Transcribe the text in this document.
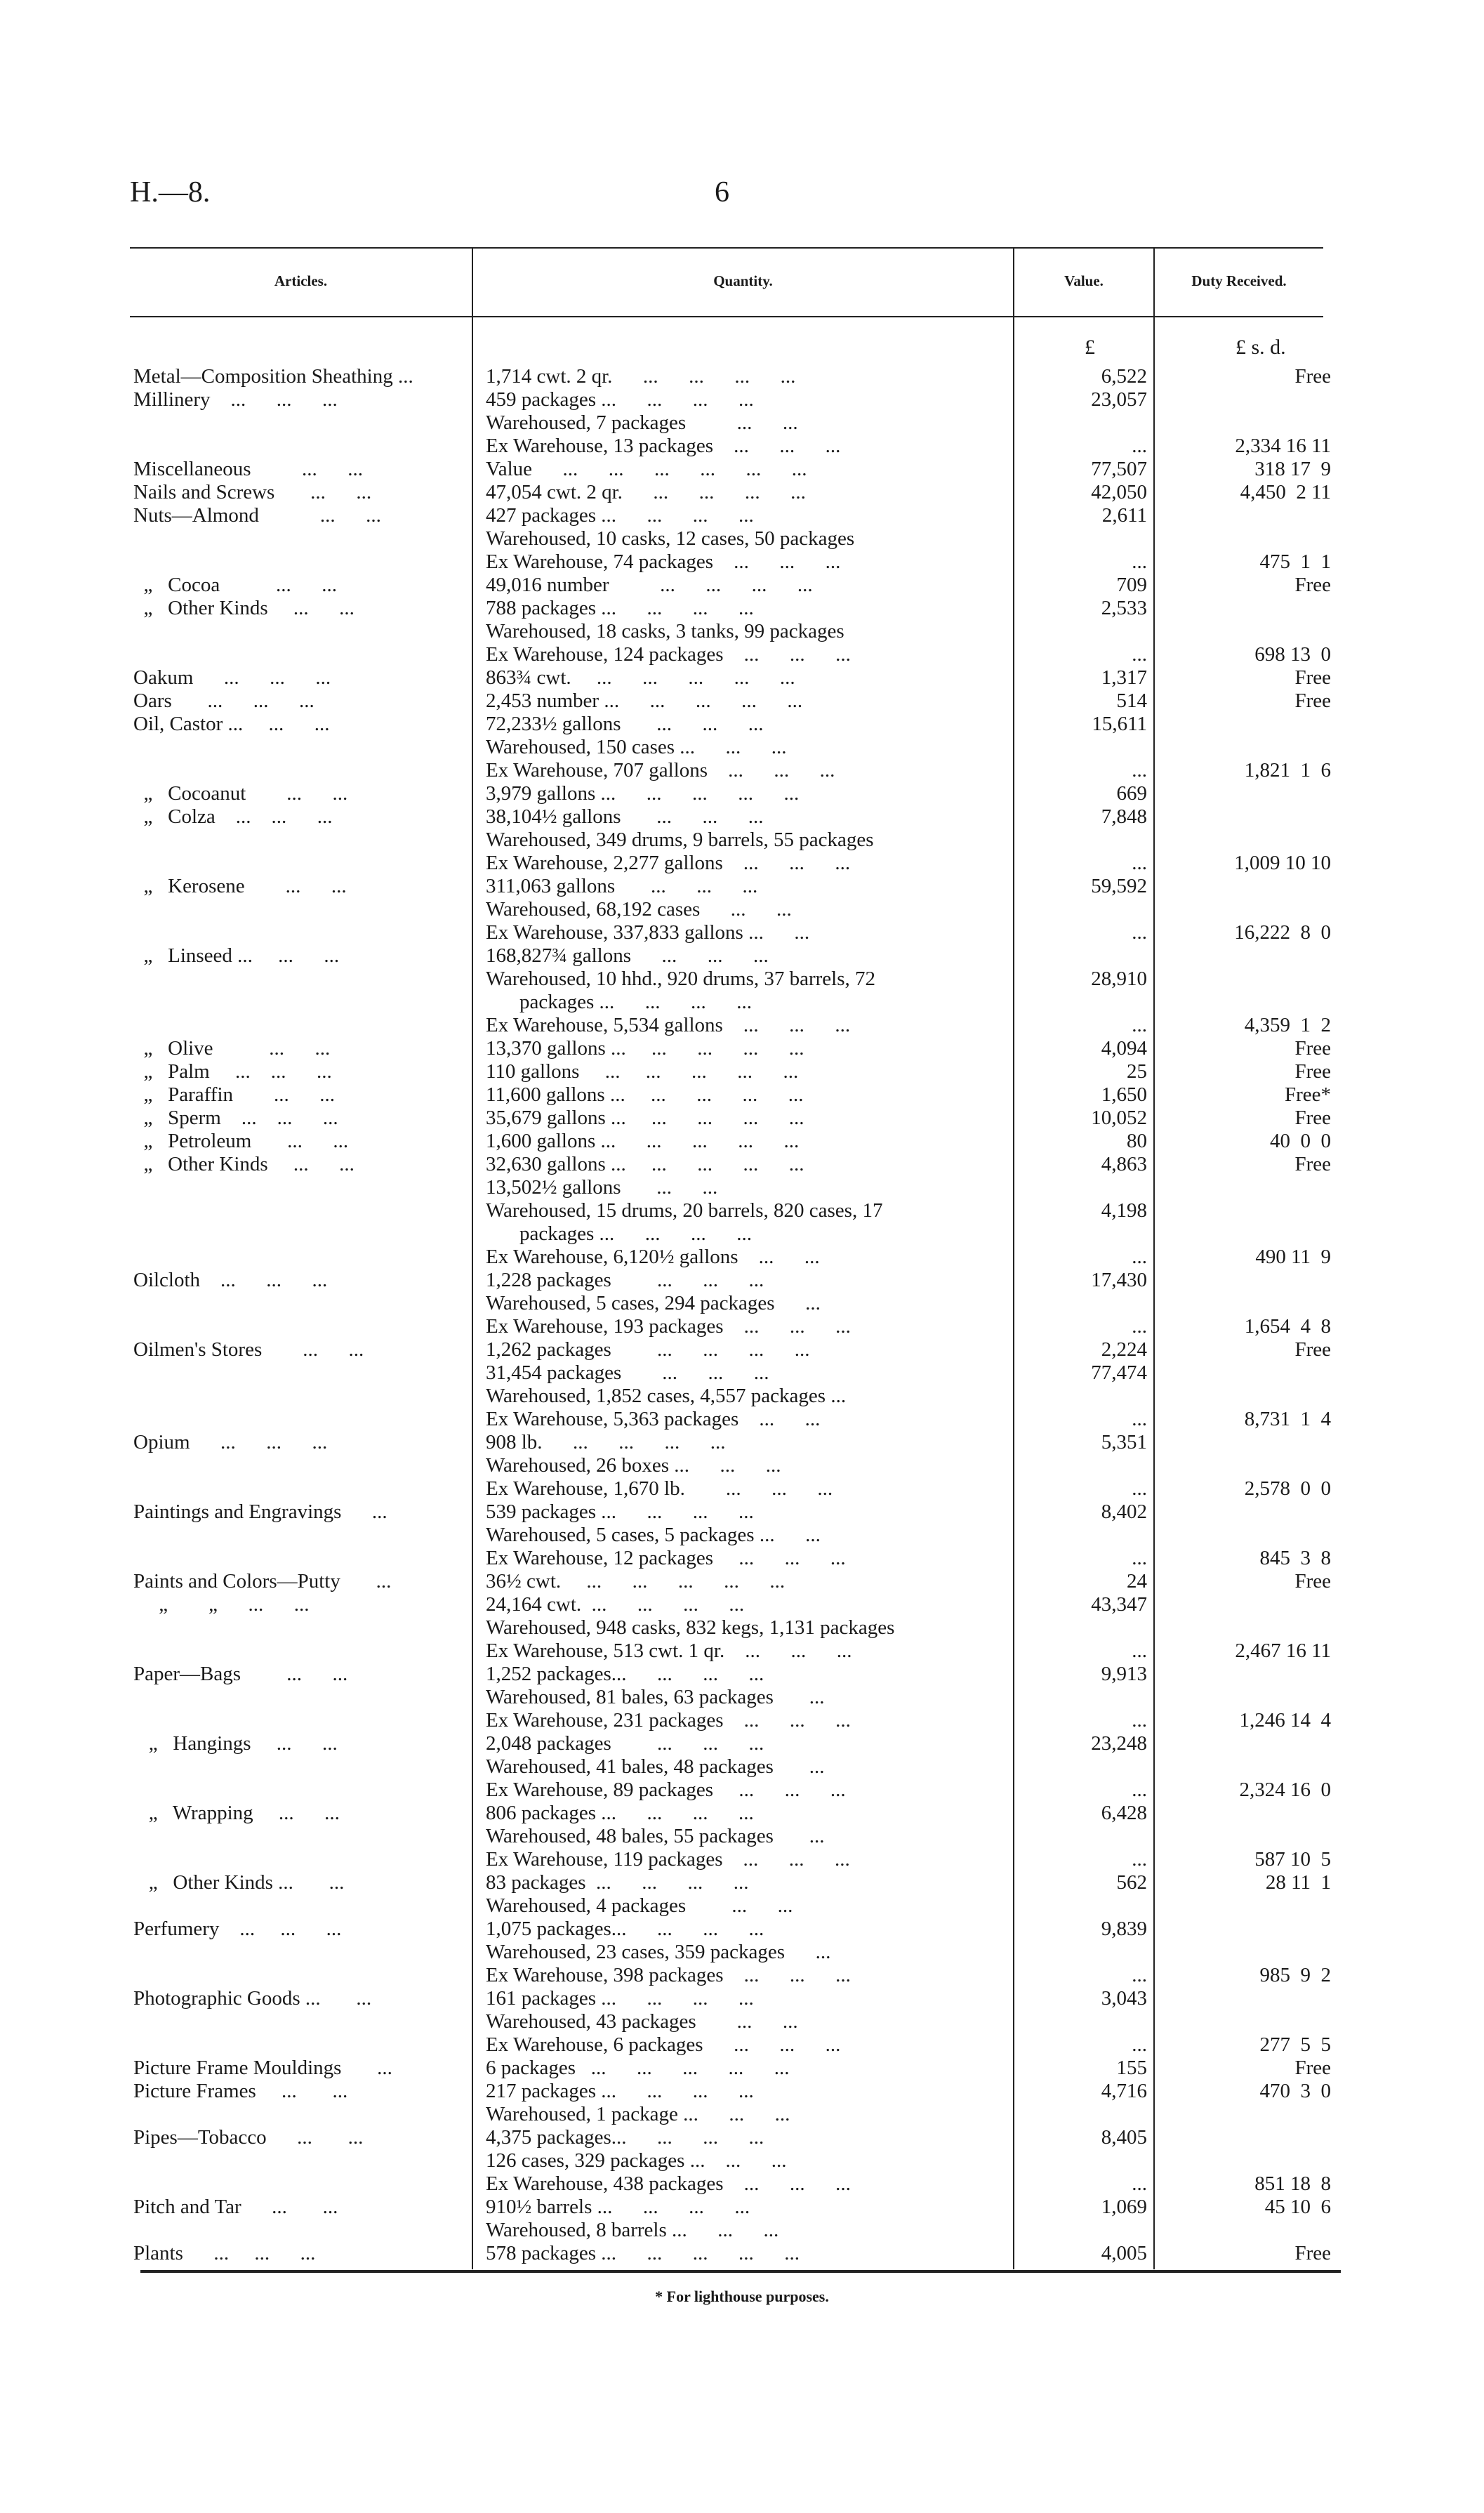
H.—8.	6
Articles.	Quantity.	Value.	Duty Received.
£	£ s. d.
Metal—Composition Sheathing ...	1,714 cwt. 2 qr.      ...      ...      ...      ...	6,522	Free
Millinery    ...      ...      ...	459 packages ...      ...      ...      ...	23,057
Warehoused, 7 packages          ...      ...
Ex Warehouse, 13 packages    ...      ...      ...	...	2,334 16 11
Miscellaneous          ...      ...	Value      ...      ...      ...      ...      ...      ...	77,507	318 17  9
Nails and Screws       ...      ...	47,054 cwt. 2 qr.      ...      ...      ...      ...	42,050	4,450  2 11
Nuts—Almond            ...      ...	427 packages ...      ...      ...      ...	2,611
Warehoused, 10 casks, 12 cases, 50 packages
Ex Warehouse, 74 packages    ...      ...      ...	...	475  1  1
„   Cocoa           ...      ...	49,016 number          ...      ...      ...      ...	709	Free
„   Other Kinds     ...      ...	788 packages ...      ...      ...      ...	2,533
Warehoused, 18 casks, 3 tanks, 99 packages
Ex Warehouse, 124 packages    ...      ...      ...	...	698 13  0
Oakum      ...      ...      ...	863¾ cwt.     ...      ...      ...      ...      ...	1,317	Free
Oars       ...      ...      ...	2,453 number ...      ...      ...      ...      ...	514	Free
Oil, Castor ...     ...      ...	72,233½ gallons       ...      ...      ...	15,611
Warehoused, 150 cases ...      ...      ...
Ex Warehouse, 707 gallons    ...      ...      ...	...	1,821  1  6
„   Cocoanut        ...      ...	3,979 gallons ...      ...      ...      ...      ...	669
„   Colza    ...    ...      ...	38,104½ gallons       ...      ...      ...	7,848
Warehoused, 349 drums, 9 barrels, 55 packages
Ex Warehouse, 2,277 gallons    ...      ...      ...	...	1,009 10 10
„   Kerosene        ...      ...	311,063 gallons       ...      ...      ...	59,592
Warehoused, 68,192 cases      ...      ...
Ex Warehouse, 337,833 gallons ...      ...	...	16,222  8  0
„   Linseed ...     ...      ...	168,827¾ gallons      ...      ...      ...
Warehoused, 10 hhd., 920 drums, 37 barrels, 72	28,910
packages ...      ...      ...      ...
Ex Warehouse, 5,534 gallons    ...      ...      ...	...	4,359  1  2
„   Olive           ...      ...	13,370 gallons ...     ...      ...      ...      ...	4,094	Free
„   Palm     ...    ...      ...	110 gallons     ...     ...      ...      ...      ...	25	Free
„   Paraffin        ...      ...	11,600 gallons ...     ...      ...      ...      ...	1,650	Free*
„   Sperm    ...    ...      ...	35,679 gallons ...     ...      ...      ...      ...	10,052	Free
„   Petroleum       ...      ...	1,600 gallons ...      ...      ...      ...      ...	80	40  0  0
„   Other Kinds     ...      ...	32,630 gallons ...     ...      ...      ...      ...	4,863	Free
13,502½ gallons       ...      ...
Warehoused, 15 drums, 20 barrels, 820 cases, 17	4,198
packages ...      ...      ...      ...
Ex Warehouse, 6,120½ gallons    ...      ...	...	490 11  9
Oilcloth    ...      ...      ...	1,228 packages         ...      ...      ...	17,430
Warehoused, 5 cases, 294 packages      ...
Ex Warehouse, 193 packages    ...      ...      ...	...	1,654  4  8
Oilmen's Stores        ...      ...	1,262 packages         ...      ...      ...      ...	2,224	Free
31,454 packages        ...      ...      ...	77,474
Warehoused, 1,852 cases, 4,557 packages ...
Ex Warehouse, 5,363 packages    ...      ...	...	8,731  1  4
Opium      ...      ...      ...	908 lb.      ...      ...      ...      ...	5,351
Warehoused, 26 boxes ...      ...      ...
Ex Warehouse, 1,670 lb.        ...      ...      ...	...	2,578  0  0
Paintings and Engravings      ...	539 packages ...      ...      ...      ...	8,402
Warehoused, 5 cases, 5 packages ...      ...
Ex Warehouse, 12 packages     ...      ...      ...	...	845  3  8
Paints and Colors—Putty       ...	36½ cwt.     ...      ...      ...      ...      ...	24	Free
„        „      ...      ...	24,164 cwt.  ...      ...      ...      ...	43,347
Warehoused, 948 casks, 832 kegs, 1,131 packages
Ex Warehouse, 513 cwt. 1 qr.    ...      ...      ...	...	2,467 16 11
Paper—Bags         ...      ...	1,252 packages...      ...      ...      ...	9,913
Warehoused, 81 bales, 63 packages       ...
Ex Warehouse, 231 packages    ...      ...      ...	...	1,246 14  4
„   Hangings     ...      ...	2,048 packages         ...      ...      ...	23,248
Warehoused, 41 bales, 48 packages       ...
Ex Warehouse, 89 packages     ...      ...      ...	...	2,324 16  0
„   Wrapping     ...      ...	806 packages ...      ...      ...      ...	6,428
Warehoused, 48 bales, 55 packages       ...
Ex Warehouse, 119 packages    ...      ...      ...	...	587 10  5
„   Other Kinds ...       ...	83 packages  ...      ...      ...      ...	562	28 11  1
Warehoused, 4 packages         ...      ...
Perfumery    ...     ...      ...	1,075 packages...      ...      ...      ...	9,839
Warehoused, 23 cases, 359 packages      ...
Ex Warehouse, 398 packages    ...      ...      ...	...	985  9  2
Photographic Goods ...       ...	161 packages ...      ...      ...      ...	3,043
Warehoused, 43 packages        ...      ...
Ex Warehouse, 6 packages      ...      ...      ...	...	277  5  5
Picture Frame Mouldings       ...	6 packages   ...      ...      ...      ...      ...	155	Free
Picture Frames     ...       ...	217 packages ...      ...      ...      ...	4,716	470  3  0
Warehoused, 1 package ...      ...      ...
Pipes—Tobacco      ...       ...	4,375 packages...      ...      ...      ...	8,405
126 cases, 329 packages ...    ...      ...
Ex Warehouse, 438 packages    ...      ...      ...	...	851 18  8
Pitch and Tar      ...       ...	910½ barrels ...      ...      ...      ...	1,069	45 10  6
Warehoused, 8 barrels ...      ...      ...
Plants      ...     ...      ...	578 packages ...      ...      ...      ...      ...	4,005	Free
* For lighthouse purposes.
